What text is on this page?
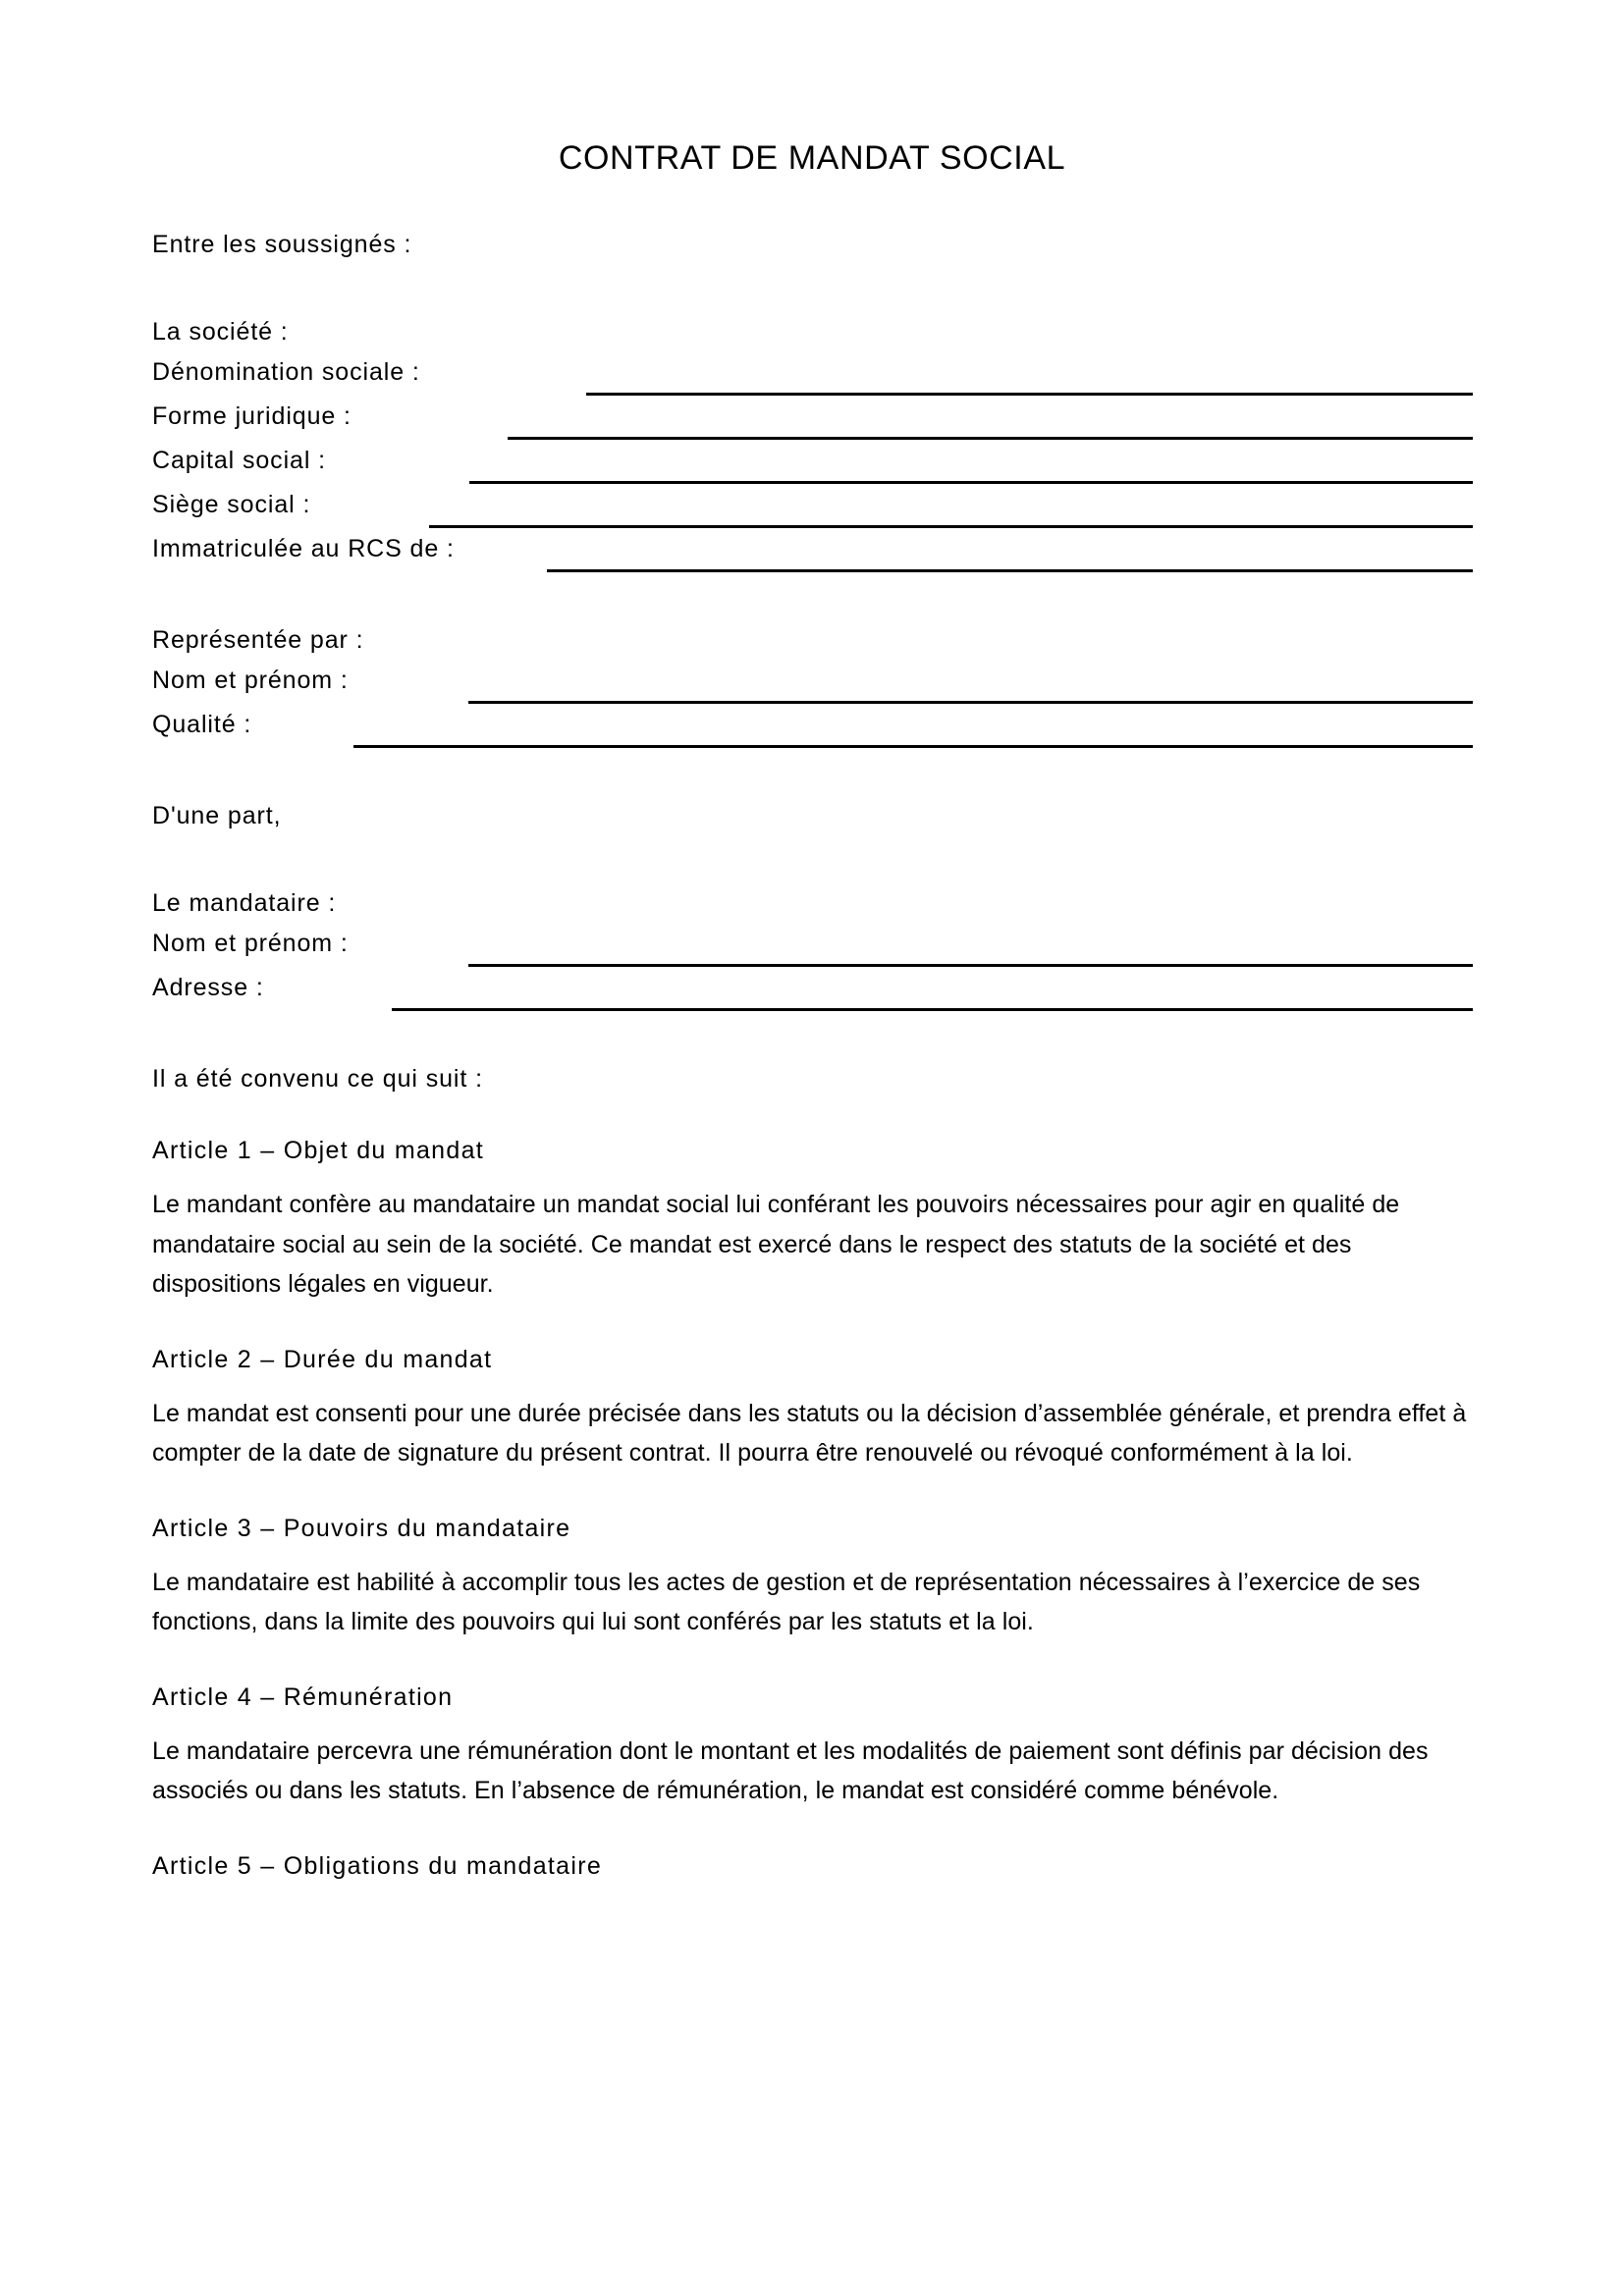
CONTRAT DE MANDAT SOCIAL

Entre les soussignés :

La société :

Dénomination sociale :
Forme juridique :
Capital social :
Siège social :
Immatriculée au RCS de :

Représentée par :

Nom et prénom :
Qualité :

D'une part,

Le mandataire :

Nom et prénom :
Adresse :

Il a été convenu ce qui suit :

Article 1 – Objet du mandat

Le mandant confère au mandataire un mandat social lui conférant les pouvoirs nécessaires pour agir en qualité de mandataire social au sein de la société. Ce mandat est exercé dans le respect des statuts de la société et des dispositions légales en vigueur.

Article 2 – Durée du mandat

Le mandat est consenti pour une durée précisée dans les statuts ou la décision d’assemblée générale, et prendra effet à compter de la date de signature du présent contrat. Il pourra être renouvelé ou révoqué conformément à la loi.

Article 3 – Pouvoirs du mandataire

Le mandataire est habilité à accomplir tous les actes de gestion et de représentation nécessaires à l’exercice de ses fonctions, dans la limite des pouvoirs qui lui sont conférés par les statuts et la loi.

Article 4 – Rémunération

Le mandataire percevra une rémunération dont le montant et les modalités de paiement sont définis par décision des associés ou dans les statuts. En l’absence de rémunération, le mandat est considéré comme bénévole.

Article 5 – Obligations du mandataire
